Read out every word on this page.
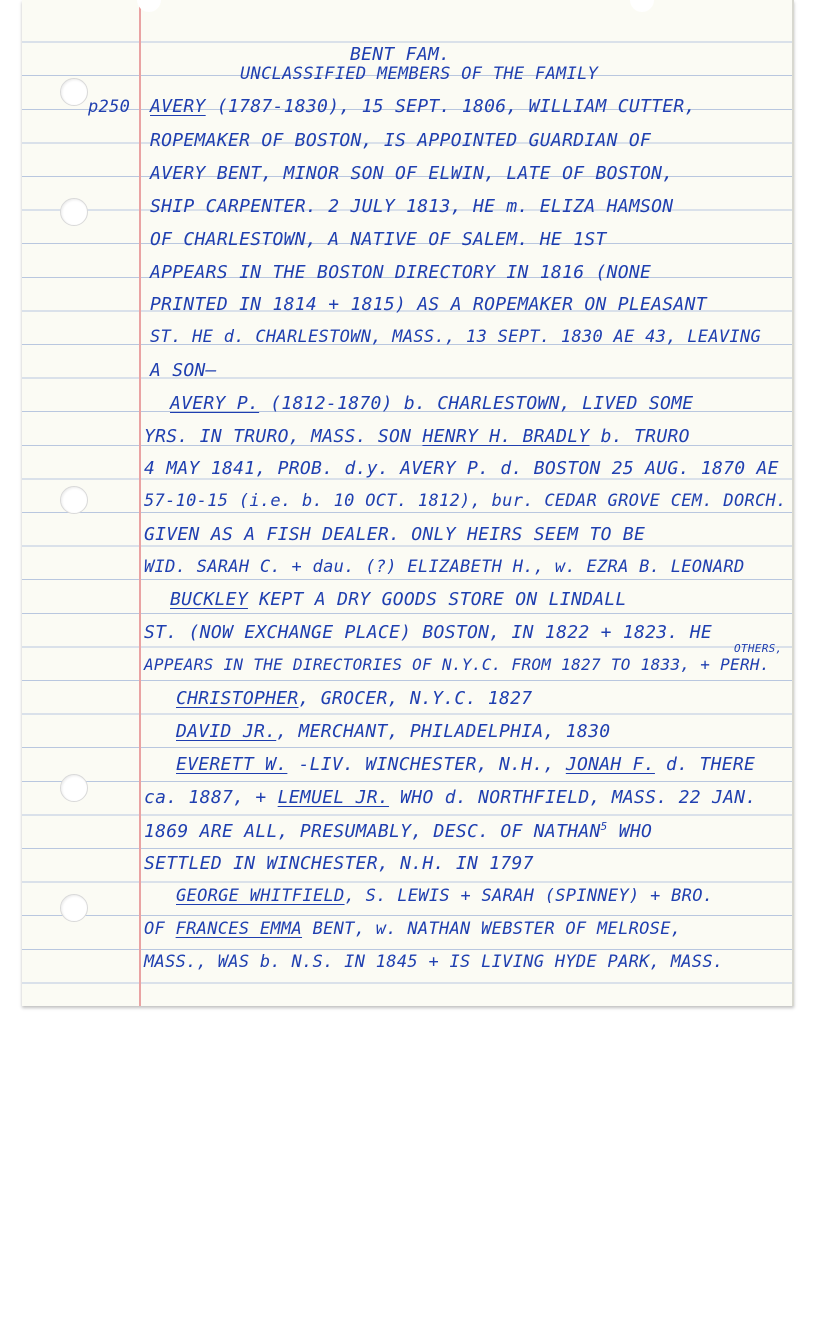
BENT FAM.
UNCLASSIFIED MEMBERS OF THE FAMILY
p250 AVERY (1787-1830), 15 SEPT. 1806, WILLIAM CUTTER,
ROPEMAKER OF BOSTON, IS APPOINTED GUARDIAN OF
AVERY BENT, MINOR SON OF ELWIN, LATE OF BOSTON,
SHIP CARPENTER. 2 JULY 1813, HE m. ELIZA HAMSON
OF CHARLESTOWN, A NATIVE OF SALEM. HE 1ST
APPEARS IN THE BOSTON DIRECTORY IN 1816 (NONE
PRINTED IN 1814 + 1815) AS A ROPEMAKER ON PLEASANT
ST. HE d. CHARLESTOWN, MASS., 13 SEPT. 1830 AE 43, LEAVING
A SON—
AVERY P. (1812-1870) b. CHARLESTOWN, LIVED SOME
YRS. IN TRURO, MASS. SON HENRY H. BRADLY b. TRURO
4 MAY 1841, PROB. d.y. AVERY P. d. BOSTON 25 AUG. 1870 AE
57-10-15 (i.e. b. 10 OCT. 1812), bur. CEDAR GROVE CEM. DORCH.
GIVEN AS A FISH DEALER. ONLY HEIRS SEEM TO BE
WID. SARAH C. + dau. (?) ELIZABETH H., w. EZRA B. LEONARD
BUCKLEY KEPT A DRY GOODS STORE ON LINDALL
ST. (NOW EXCHANGE PLACE) BOSTON, IN 1822 + 1823. HE
OTHERS,
APPEARS IN THE DIRECTORIES OF N.Y.C. FROM 1827 TO 1833, + PERH.
CHRISTOPHER, GROCER, N.Y.C. 1827
DAVID JR., MERCHANT, PHILADELPHIA, 1830
EVERETT W. -LIV. WINCHESTER, N.H., JONAH F. d. THERE
ca. 1887, + LEMUEL JR. WHO d. NORTHFIELD, MASS. 22 JAN.
1869 ARE ALL, PRESUMABLY, DESC. OF NATHAN$^5$ WHO
SETTLED IN WINCHESTER, N.H. IN 1797
GEORGE WHITFIELD, S. LEWIS + SARAH (SPINNEY) + BRO.
OF FRANCES EMMA BENT, w. NATHAN WEBSTER OF MELROSE,
MASS., WAS b. N.S. IN 1845 + IS LIVING HYDE PARK, MASS.
